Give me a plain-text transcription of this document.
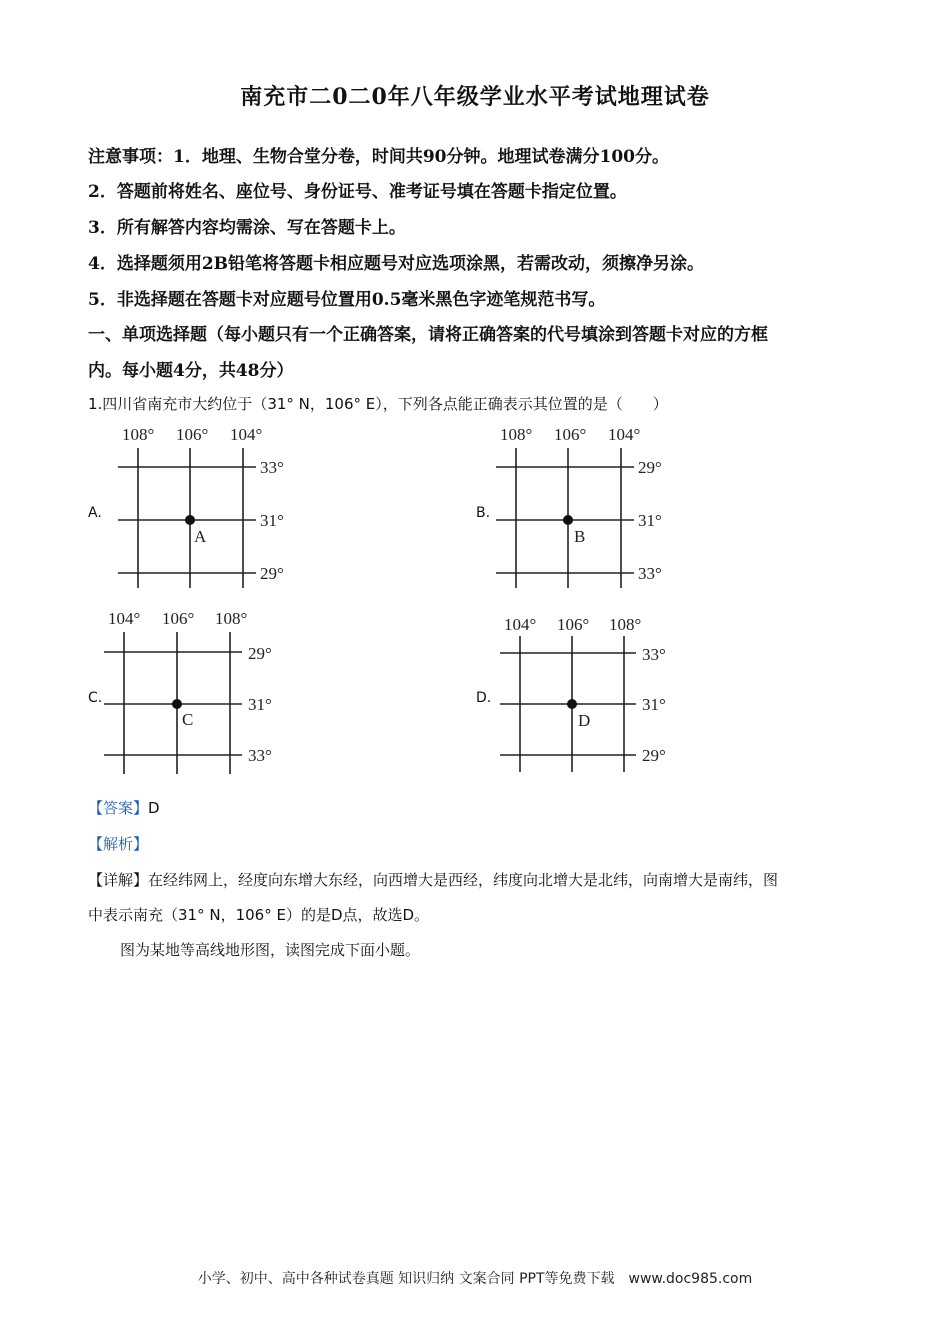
南充市二0二0年八年级学业水平考试地理试卷
注意事项：1．地理、生物合堂分卷，时间共90分钟。地理试卷满分100分。
2．答题前将姓名、座位号、身份证号、准考证号填在答题卡指定位置。
3．所有解答内容均需涂、写在答题卡上。
4．选择题须用2B铅笔将答题卡相应题号对应选项涂黑，若需改动，须擦净另涂。
5．非选择题在答题卡对应题号位置用0.5毫米黑色字迹笔规范书写。
一、单项选择题（每小题只有一个正确答案，请将正确答案的代号填涂到答题卡对应的方框
内。每小题4分，共48分）
1.四川省南充市大约位于（31° N，106° E），下列各点能正确表示其位置的是（　　）
A.
108° 106° 104°
33°
31°
29°
A
B.
108° 106° 104°
29°
31°
33°
B
C.
104° 106° 108°
29°
31°
33°
C
D.
104° 106° 108°
33°
31°
29°
D
【答案】D
【解析】
【详解】在经纬网上，经度向东增大东经，向西增大是西经，纬度向北增大是北纬，向南增大是南纬，图
中表示南充（31° N，106° E）的是D点，故选D。
图为某地等高线地形图，读图完成下面小题。
小学、初中、高中各种试卷真题 知识归纳 文案合同 PPT等免费下载　www.doc985.com
